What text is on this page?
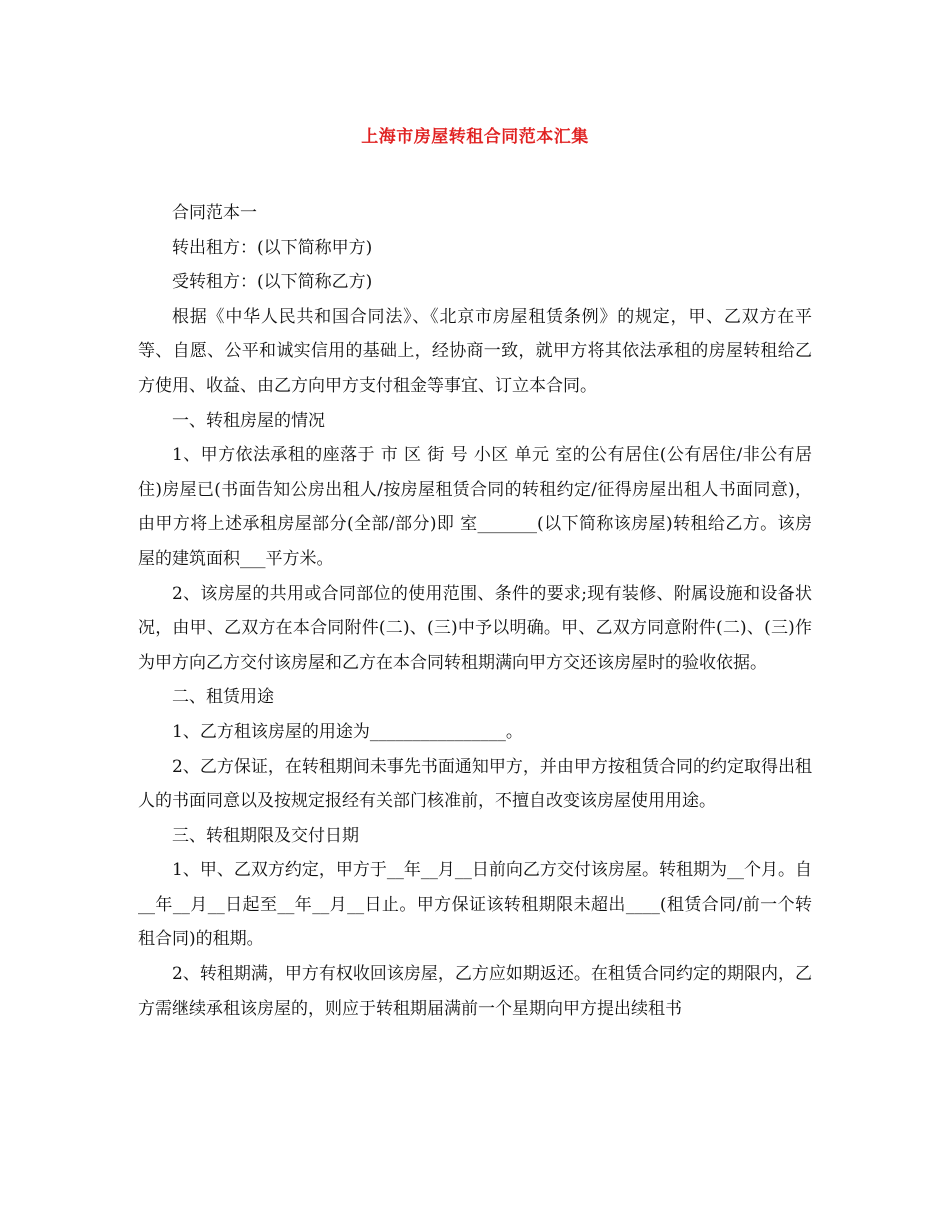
上海市房屋转租合同范本汇集

合同范本一

转出租方：(以下简称甲方)

受转租方：(以下简称乙方)

根据《中华人民共和国合同法》、《北京市房屋租赁条例》的规定，甲、乙双方在平等、自愿、公平和诚实信用的基础上，经协商一致，就甲方将其依法承租的房屋转租给乙方使用、收益、由乙方向甲方支付租金等事宜、订立本合同。

一、转租房屋的情况

1、甲方依法承租的座落于 市 区 街 号 小区 单元 室的公有居住(公有居住/非公有居住)房屋已(书面告知公房出租人/按房屋租赁合同的转租约定/征得房屋出租人书面同意)，由甲方将上述承租房屋部分(全部/部分)即 室_______(以下简称该房屋)转租给乙方。该房屋的建筑面积___平方米。

2、该房屋的共用或合同部位的使用范围、条件的要求;现有装修、附属设施和设备状况，由甲、乙双方在本合同附件(二)、(三)中予以明确。甲、乙双方同意附件(二)、(三)作为甲方向乙方交付该房屋和乙方在本合同转租期满向甲方交还该房屋时的验收依据。

二、租赁用途

1、乙方租该房屋的用途为________________。

2、乙方保证，在转租期间未事先书面通知甲方，并由甲方按租赁合同的约定取得出租人的书面同意以及按规定报经有关部门核准前，不擅自改变该房屋使用用途。

三、转租期限及交付日期

1、甲、乙双方约定，甲方于__年__月__日前向乙方交付该房屋。转租期为__个月。自__年__月__日起至__年__月__日止。甲方保证该转租期限未超出____(租赁合同/前一个转租合同)的租期。

2、转租期满，甲方有权收回该房屋，乙方应如期返还。在租赁合同约定的期限内，乙方需继续承租该房屋的，则应于转租期届满前一个星期向甲方提出续租书
